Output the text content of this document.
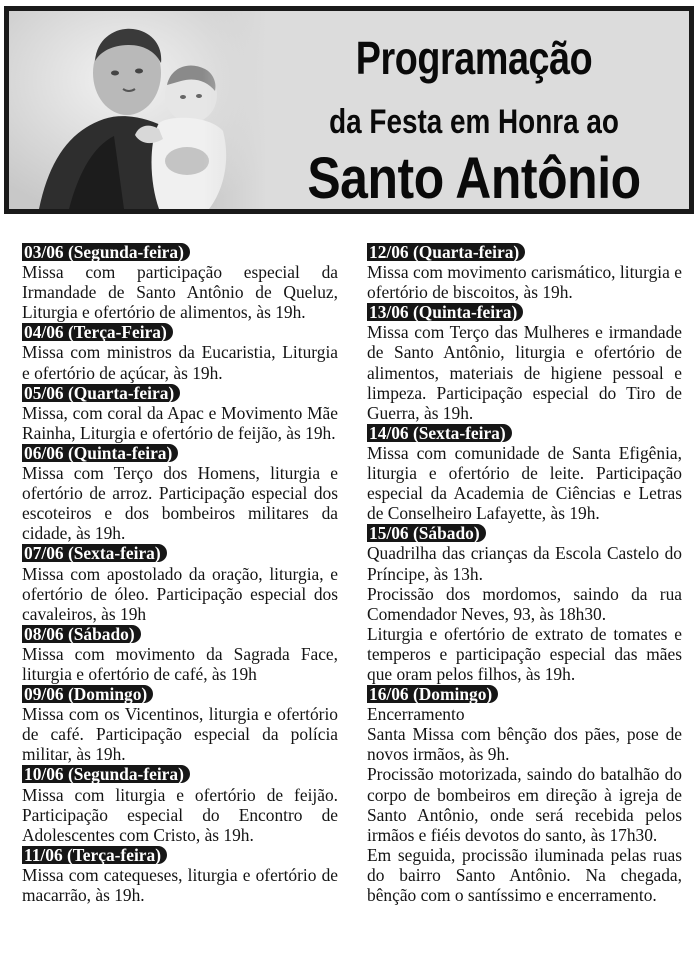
Programação
da Festa em Honra ao
Santo Antônio
03/06 (Segunda-feira)

Missa com participação especial da Irmandade de Santo Antônio de Queluz, Liturgia e ofertório de alimentos, às 19h.

04/06 (Terça-Feira)

Missa com ministros da Eucaristia, Liturgia e ofertório de açúcar, às 19h.

05/06 (Quarta-feira)

Missa, com coral da Apac e Movimento Mãe Rainha, Liturgia e ofertório de feijão, às 19h.

06/06 (Quinta-feira)

Missa com Terço dos Homens, liturgia e ofertório de arroz. Participação especial dos escoteiros e dos bombeiros militares da cidade, às 19h.

07/06 (Sexta-feira)

Missa com apostolado da oração, liturgia, e ofertório de óleo. Participação especial dos cavaleiros, às 19h

08/06 (Sábado)

Missa com movimento da Sagrada Face, liturgia e ofertório de café, às 19h

09/06 (Domingo)

Missa com os Vicentinos, liturgia e ofertório de café. Participação especial da polícia militar, às 19h.

10/06 (Segunda-feira)

Missa com liturgia e ofertório de feijão. Participação especial do Encontro de Adolescentes com Cristo, às 19h.

11/06 (Terça-feira)

Missa com catequeses, liturgia e ofertório de macarrão, às 19h.

12/06 (Quarta-feira)

Missa com movimento carismático, liturgia e ofertório de biscoitos, às 19h.

13/06 (Quinta-feira)

Missa com Terço das Mulheres e irmandade de Santo Antônio, liturgia e ofertório de alimentos, materiais de higiene pessoal e limpeza. Participação especial do Tiro de Guerra, às 19h.

14/06 (Sexta-feira)

Missa com comunidade de Santa Efigênia, liturgia e ofertório de leite. Participação especial da Academia de Ciências e Letras de Conselheiro Lafayette, às 19h.

15/06 (Sábado)

Quadrilha das crianças da Escola Castelo do Príncipe, às 13h.

Procissão dos mordomos, saindo da rua Comendador Neves, 93, às 18h30.

Liturgia e ofertório de extrato de tomates e temperos e participação especial das mães que oram pelos filhos, às 19h.

16/06 (Domingo)

Encerramento

Santa Missa com bênção dos pães, pose de novos irmãos, às 9h.

Procissão motorizada, saindo do batalhão do corpo de bombeiros em direção à igreja de Santo Antônio, onde será recebida pelos irmãos e fiéis devotos do santo, às 17h30.

Em seguida, procissão iluminada pelas ruas do bairro Santo Antônio. Na chegada, bênção com o santíssimo e encerramento.
